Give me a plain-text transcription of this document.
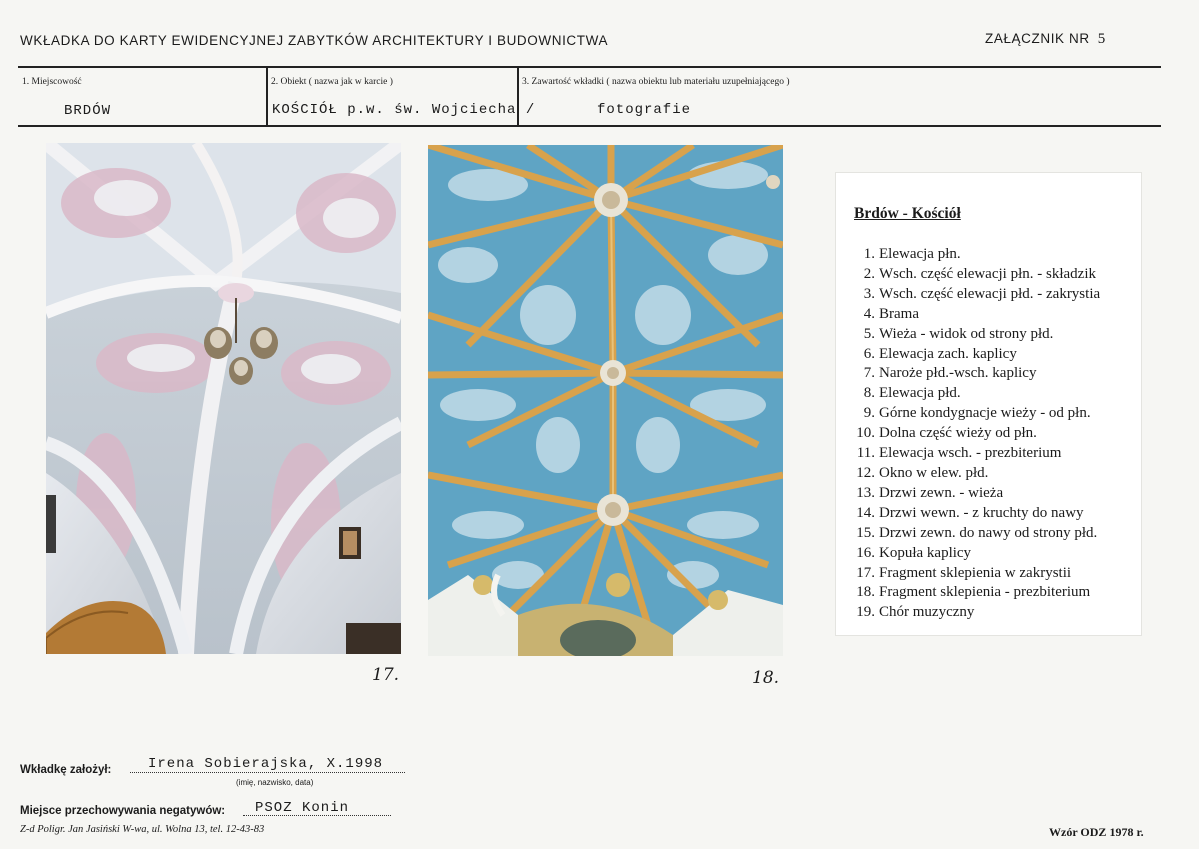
WKŁADKA DO KARTY EWIDENCYJNEJ ZABYTKÓW ARCHITEKTURY I BUDOWNICTWA	ZAŁĄCZNIK NR 5
1. Miejscowość
BRDÓW
2. Obiekt ( nazwa jak w karcie )
KOŚCIÓŁ p.w. św. Wojciecha /
3. Zawartość wkładki ( nazwa obiektu lub materiału uzupełniającego )
fotografie
17.	18.
Brdów - Kościół
1. Elewacja płn.
2. Wsch. część elewacji płn. - składzik
3. Wsch. część elewacji płd. - zakrystia
4. Brama
5. Wieża - widok od strony płd.
6. Elewacja zach. kaplicy
7. Naroże płd.-wsch. kaplicy
8. Elewacja płd.
9. Górne kondygnacje wieży - od płn.
10. Dolna część wieży od płn.
11. Elewacja wsch. - prezbiterium
12. Okno w elew. płd.
13. Drzwi zewn. - wieża
14. Drzwi wewn. - z kruchty do nawy
15. Drzwi zewn. do nawy od strony płd.
16. Kopuła kaplicy
17. Fragment sklepienia w zakrystii
18. Fragment sklepienia - prezbiterium
19. Chór muzyczny
Wkładkę założył:	Irena Sobierajska, X.1998
(imię, nazwisko, data)
Miejsce przechowywania negatywów: PSOZ Konin
Z-d Poligr. Jan Jasiński W-wa, ul. Wolna 13, tel. 12-43-83	Wzór ODZ 1978 r.
